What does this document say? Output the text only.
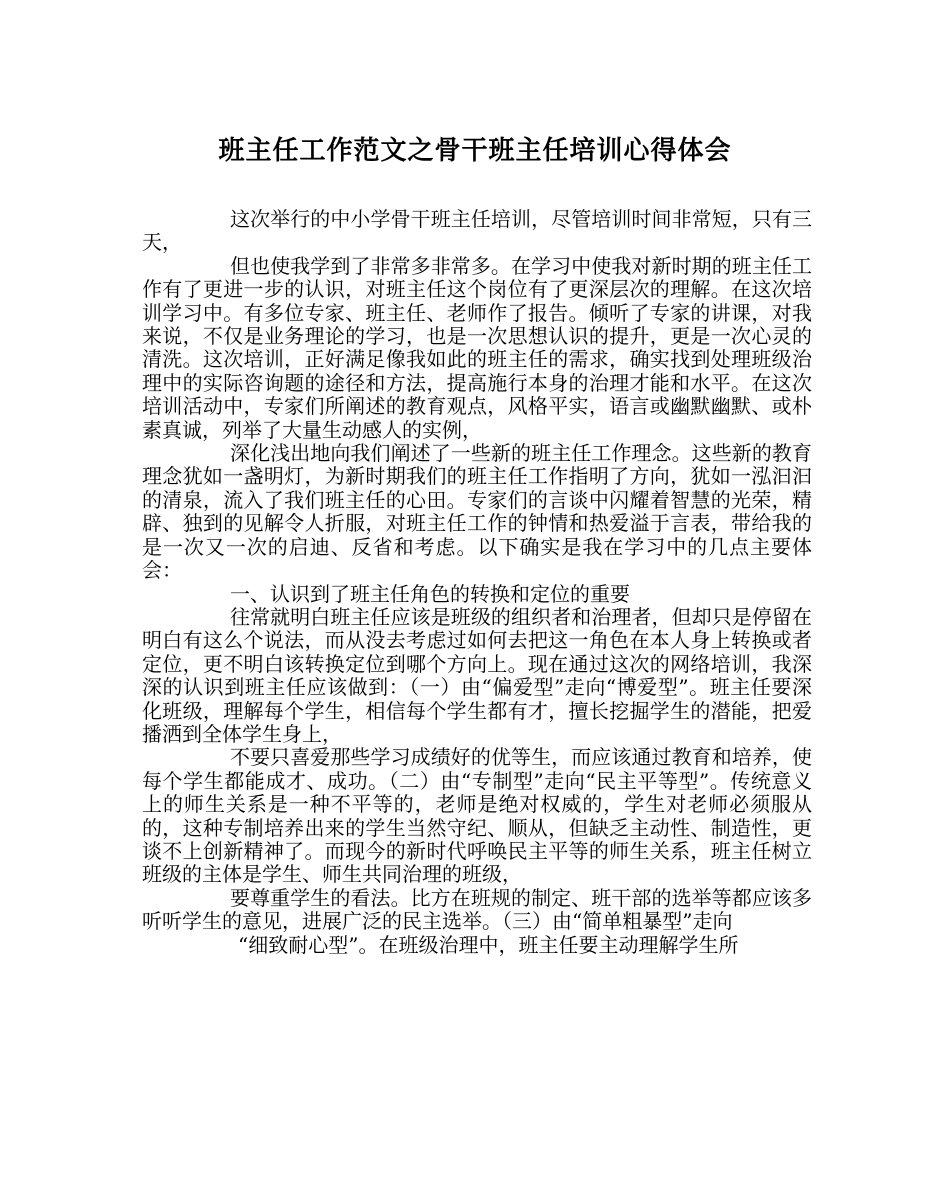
班主任工作范文之骨干班主任培训心得体会

这次举行的中小学骨干班主任培训，尽管培训时间非常短，只有三天，

但也使我学到了非常多非常多。在学习中使我对新时期的班主任工作有了更进一步的认识，对班主任这个岗位有了更深层次的理解。在这次培训学习中。有多位专家、班主任、老师作了报告。倾听了专家的讲课，对我来说，不仅是业务理论的学习，也是一次思想认识的提升，更是一次心灵的清洗。这次培训，正好满足像我如此的班主任的需求，确实找到处理班级治理中的实际咨询题的途径和方法，提高施行本身的治理才能和水平。在这次培训活动中，专家们所阐述的教育观点，风格平实，语言或幽默幽默、或朴素真诚，列举了大量生动感人的实例，

深化浅出地向我们阐述了一些新的班主任工作理念。这些新的教育理念犹如一盏明灯，为新时期我们的班主任工作指明了方向，犹如一泓汩汩的清泉，流入了我们班主任的心田。专家们的言谈中闪耀着智慧的光荣，精辟、独到的见解令人折服，对班主任工作的钟情和热爱溢于言表，带给我的是一次又一次的启迪、反省和考虑。以下确实是我在学习中的几点主要体会：

一、认识到了班主任角色的转换和定位的重要

往常就明白班主任应该是班级的组织者和治理者，但却只是停留在明白有这么个说法，而从没去考虑过如何去把这一角色在本人身上转换或者定位，更不明白该转换定位到哪个方向上。现在通过这次的网络培训，我深深的认识到班主任应该做到：（一）由“偏爱型”走向“博爱型”。班主任要深化班级，理解每个学生，相信每个学生都有才，擅长挖掘学生的潜能，把爱播洒到全体学生身上，

不要只喜爱那些学习成绩好的优等生，而应该通过教育和培养，使每个学生都能成才、成功。（二）由“专制型”走向“民主平等型”。传统意义上的师生关系是一种不平等的，老师是绝对权威的，学生对老师必须服从的，这种专制培养出来的学生当然守纪、顺从，但缺乏主动性、制造性，更谈不上创新精神了。而现今的新时代呼唤民主平等的师生关系，班主任树立班级的主体是学生、师生共同治理的班级，

要尊重学生的看法。比方在班规的制定、班干部的选举等都应该多听听学生的意见，进展广泛的民主选举。（三）由“简单粗暴型”走向

“细致耐心型”。在班级治理中，班主任要主动理解学生所
